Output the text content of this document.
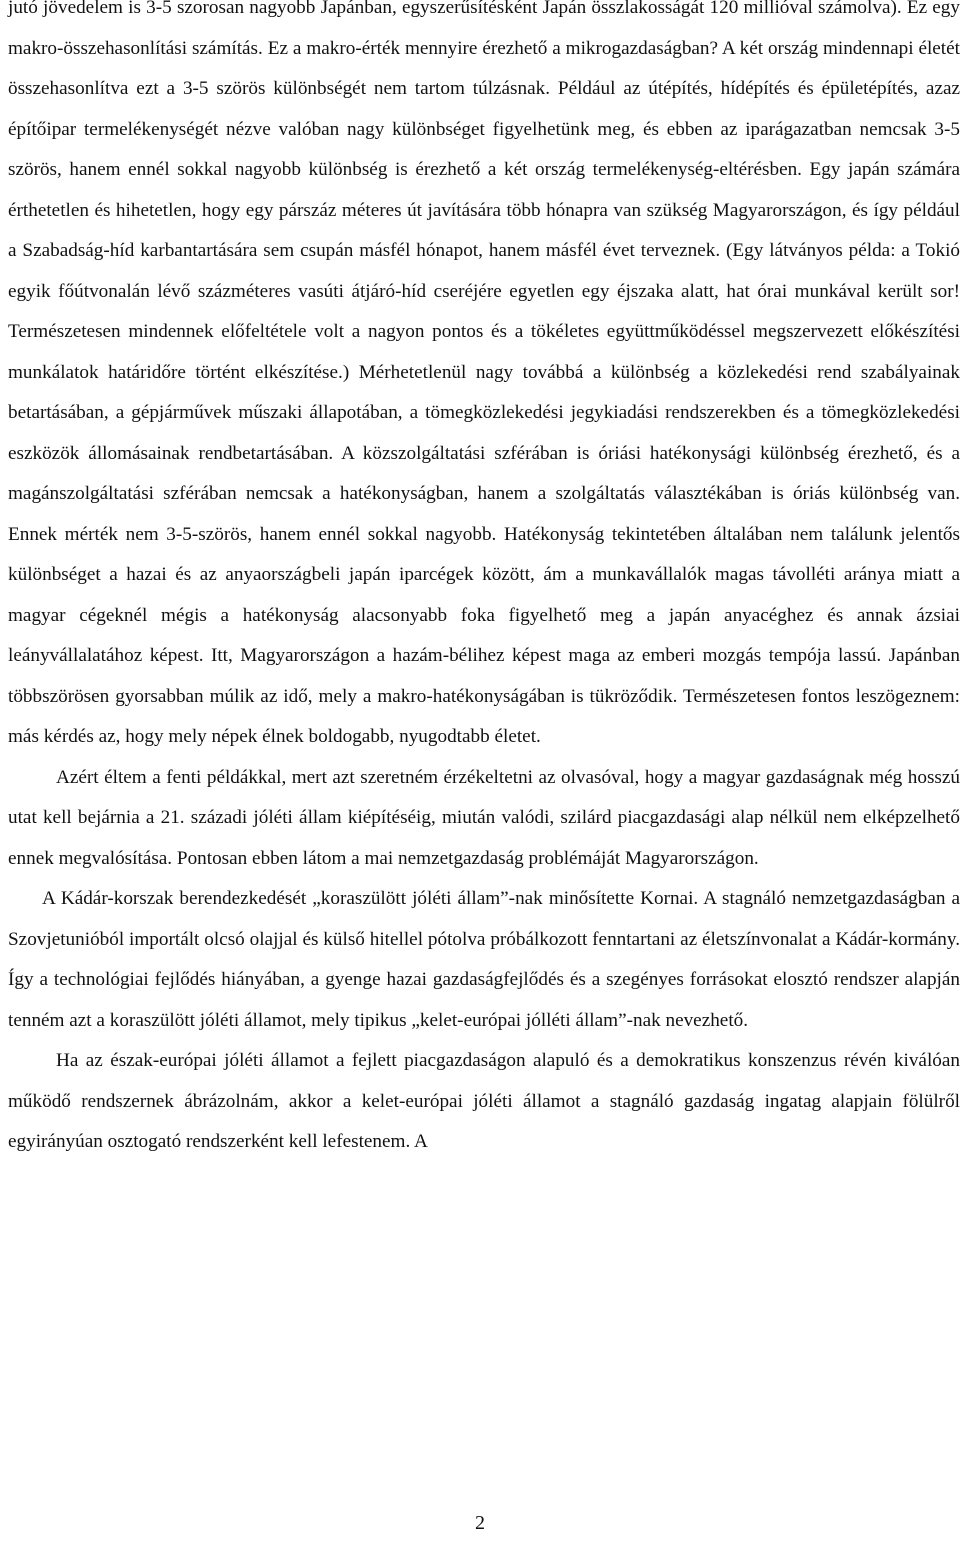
jutó jövedelem is 3-5 szorosan nagyobb Japánban, egyszerűsítésként Japán összlakosságát 120 millióval számolva). Ez egy makro-összehasonlítási számítás. Ez a makro-érték mennyire érezhető a mikrogazdaságban? A két ország mindennapi életét összehasonlítva ezt a 3-5 szörös különbségét nem tartom túlzásnak. Például az útépítés, hídépítés és épületépítés, azaz építőipar termelékenységét nézve valóban nagy különbséget figyelhetünk meg, és ebben az iparágazatban nemcsak 3-5 szörös, hanem ennél sokkal nagyobb különbség is érezhető a két ország termelékenység-eltérésben. Egy japán számára érthetetlen és hihetetlen, hogy egy párszáz méteres út javítására több hónapra van szükség Magyarországon, és így például a Szabadság-híd karbantartására sem csupán másfél hónapot, hanem másfél évet terveznek. (Egy látványos példa: a Tokió egyik főútvonalán lévő százméteres vasúti átjáró-híd cseréjére egyetlen egy éjszaka alatt, hat órai munkával került sor! Természetesen mindennek előfeltétele volt a nagyon pontos és a tökéletes együttműködéssel megszervezett előkészítési munkálatok határidőre történt elkészítése.) Mérhetetlenül nagy továbbá a különbség a közlekedési rend szabályainak betartásában, a gépjárművek műszaki állapotában, a tömegközlekedési jegykiadási rendszerekben és a tömegközlekedési eszközök állomásainak rendbetartásában. A közszolgáltatási szférában is óriási hatékonysági különbség érezhető, és a magánszolgáltatási szférában nemcsak a hatékonyságban, hanem a szolgáltatás választékában is óriás különbség van. Ennek mérték nem 3-5-szörös, hanem ennél sokkal nagyobb. Hatékonyság tekintetében általában nem találunk jelentős különbséget a hazai és az anyaországbeli japán iparcégek között, ám a munkavállalók magas távolléti aránya miatt a magyar cégeknél mégis a hatékonyság alacsonyabb foka figyelhető meg a japán anyacéghez és annak ázsiai leányvállalatához képest. Itt, Magyarországon a hazám-bélihez képest maga az emberi mozgás tempója lassú. Japánban többszörösen gyorsabban múlik az idő, mely a makro-hatékonyságában is tükröződik. Természetesen fontos leszögeznem: más kérdés az, hogy mely népek élnek boldogabb, nyugodtabb életet.

Azért éltem a fenti példákkal, mert azt szeretném érzékeltetni az olvasóval, hogy a magyar gazdaságnak még hosszú utat kell bejárnia a 21. századi jóléti állam kiépítéséig, miután valódi, szilárd piacgazdasági alap nélkül nem elképzelhető ennek megvalósítása. Pontosan ebben látom a mai nemzetgazdaság problémáját Magyarországon.

A Kádár-korszak berendezkedését „koraszülött jóléti állam”-nak minősítette Kornai. A stagnáló nemzetgazdaságban a Szovjetunióból importált olcsó olajjal és külső hitellel pótolva próbálkozott fenntartani az életszínvonalat a Kádár-kormány. Így a technológiai fejlődés hiányában, a gyenge hazai gazdaságfejlődés és a szegényes forrásokat elosztó rendszer alapján tenném azt a koraszülött jóléti államot, mely tipikus „kelet-európai jólléti állam”-nak nevezhető.

Ha az észak-európai jóléti államot a fejlett piacgazdaságon alapuló és a demokratikus konszenzus révén kiválóan működő rendszernek ábrázolnám, akkor a kelet-európai jóléti államot a stagnáló gazdaság ingatag alapjain fölülről egyirányúan osztogató rendszerként kell lefestenem. A

2
